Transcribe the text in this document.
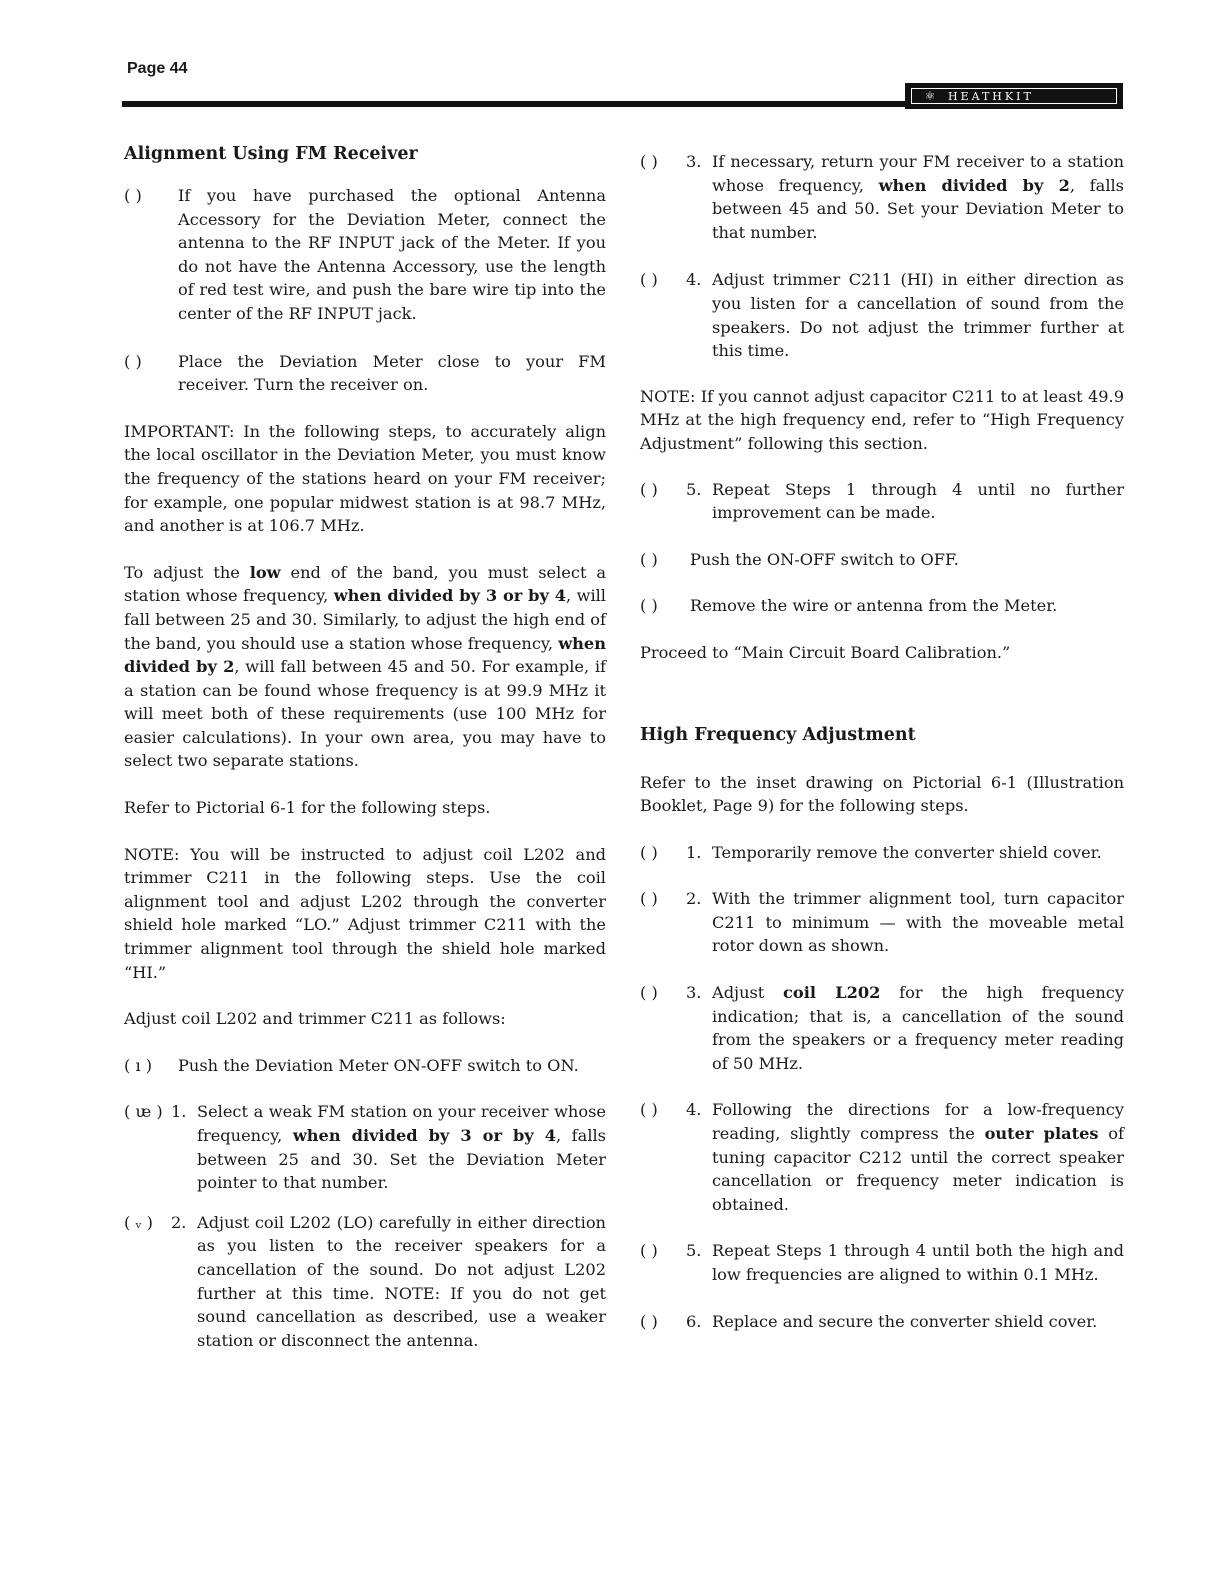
Page 44
⚛	HEATHKIT
Alignment Using FM Receiver
( )	If you have purchased the optional Antenna Accessory for the Deviation Meter, connect the antenna to the RF INPUT jack of the Meter. If you do not have the Antenna Accessory, use the length of red test wire, and push the bare wire tip into the center of the RF INPUT jack.
( )	Place the Deviation Meter close to your FM receiver. Turn the receiver on.

IMPORTANT: In the following steps, to accurately align the local oscillator in the Deviation Meter, you must know the frequency of the stations heard on your FM receiver; for example, one popular midwest station is at 98.7 MHz, and another is at 106.7 MHz.

To adjust the low end of the band, you must select a station whose frequency, when divided by 3 or by 4, will fall between 25 and 30. Similarly, to adjust the high end of the band, you should use a station whose frequency, when divided by 2, will fall between 45 and 50. For example, if a station can be found whose frequency is at 99.9 MHz it will meet both of these requirements (use 100 MHz for easier calculations). In your own area, you may have to select two separate stations.

Refer to Pictorial 6-1 for the following steps.

NOTE: You will be instructed to adjust coil L202 and trimmer C211 in the following steps. Use the coil alignment tool and adjust L202 through the converter shield hole marked “LO.” Adjust trimmer C211 with the trimmer alignment tool through the shield hole marked “HI.”

Adjust coil L202 and trimmer C211 as follows:

( ı )	Push the Deviation Meter ON-OFF switch to ON.
( ᵫ ) 1. Select a weak FM station on your receiver whose frequency, when divided by 3 or by 4, falls between 25 and 30. Set the Deviation Meter pointer to that number.
( ᵥ )	2. Adjust coil L202 (LO) carefully in either direction as you listen to the receiver speakers for a cancellation of the sound. Do not adjust L202 further at this time. NOTE: If you do not get sound cancellation as described, use a weaker station or disconnect the antenna.
( )	3. If necessary, return your FM receiver to a station whose frequency, when divided by 2, falls between 45 and 50. Set your Deviation Meter to that number.
( )	4. Adjust trimmer C211 (HI) in either direction as you listen for a cancellation of sound from the speakers. Do not adjust the trimmer further at this time.

NOTE: If you cannot adjust capacitor C211 to at least 49.9 MHz at the high frequency end, refer to “High Frequency Adjustment” following this section.

( )	5. Repeat Steps 1 through 4 until no further improvement can be made.
( )	Push the ON-OFF switch to OFF.
( )	Remove the wire or antenna from the Meter.

Proceed to “Main Circuit Board Calibration.”

High Frequency Adjustment

Refer to the inset drawing on Pictorial 6-1 (Illustration Booklet, Page 9) for the following steps.

( )	1. Temporarily remove the converter shield cover.
( )	2. With the trimmer alignment tool, turn capacitor C211 to minimum — with the moveable metal rotor down as shown.
( )	3. Adjust coil L202 for the high frequency indication; that is, a cancellation of the sound from the speakers or a frequency meter reading of 50 MHz.
( )	4. Following the directions for a low-frequency reading, slightly compress the outer plates of tuning capacitor C212 until the correct speaker cancellation or frequency meter indication is obtained.
( )	5. Repeat Steps 1 through 4 until both the high and low frequencies are aligned to within 0.1 MHz.
( )	6. Replace and secure the converter shield cover.
